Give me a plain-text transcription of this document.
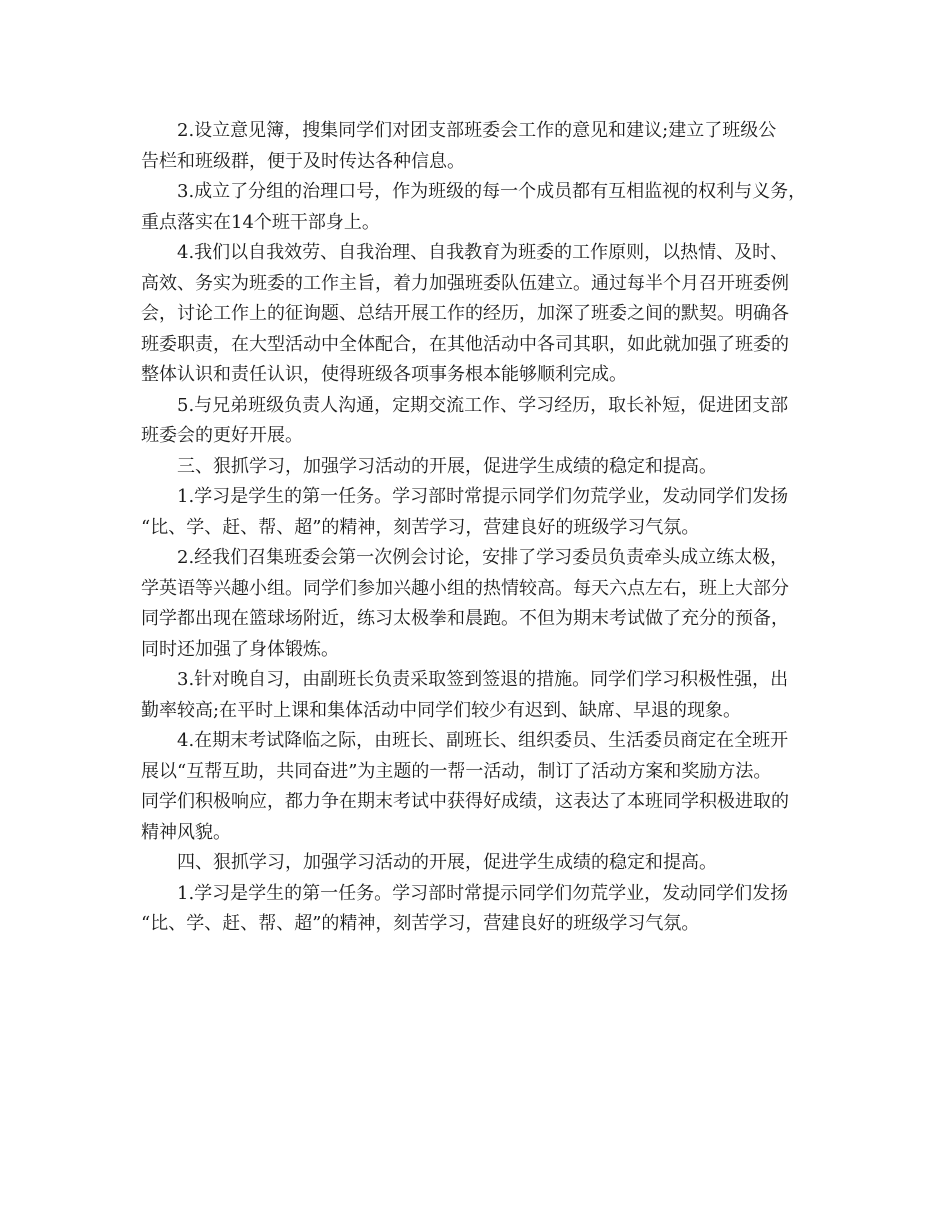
2.设立意见簿，搜集同学们对团支部班委会工作的意见和建议;建立了班级公
告栏和班级群，便于及时传达各种信息。
3.成立了分组的治理口号，作为班级的每一个成员都有互相监视的权利与义务，
重点落实在14个班干部身上。
4.我们以自我效劳、自我治理、自我教育为班委的工作原则，以热情、及时、
高效、务实为班委的工作主旨，着力加强班委队伍建立。通过每半个月召开班委例
会，讨论工作上的征询题、总结开展工作的经历，加深了班委之间的默契。明确各
班委职责，在大型活动中全体配合，在其他活动中各司其职，如此就加强了班委的
整体认识和责任认识，使得班级各项事务根本能够顺利完成。
5.与兄弟班级负责人沟通，定期交流工作、学习经历，取长补短，促进团支部
班委会的更好开展。
三、狠抓学习，加强学习活动的开展，促进学生成绩的稳定和提高。
1.学习是学生的第一任务。学习部时常提示同学们勿荒学业，发动同学们发扬
“比、学、赶、帮、超”的精神，刻苦学习，营建良好的班级学习气氛。
2.经我们召集班委会第一次例会讨论，安排了学习委员负责牵头成立练太极，
学英语等兴趣小组。同学们参加兴趣小组的热情较高。每天六点左右，班上大部分
同学都出现在篮球场附近，练习太极拳和晨跑。不但为期末考试做了充分的预备，
同时还加强了身体锻炼。
3.针对晚自习，由副班长负责采取签到签退的措施。同学们学习积极性强，出
勤率较高;在平时上课和集体活动中同学们较少有迟到、缺席、早退的现象。
4.在期末考试降临之际，由班长、副班长、组织委员、生活委员商定在全班开
展以“互帮互助，共同奋进”为主题的一帮一活动，制订了活动方案和奖励方法。
同学们积极响应，都力争在期末考试中获得好成绩，这表达了本班同学积极进取的
精神风貌。
四、狠抓学习，加强学习活动的开展，促进学生成绩的稳定和提高。
1.学习是学生的第一任务。学习部时常提示同学们勿荒学业，发动同学们发扬
“比、学、赶、帮、超”的精神，刻苦学习，营建良好的班级学习气氛。
